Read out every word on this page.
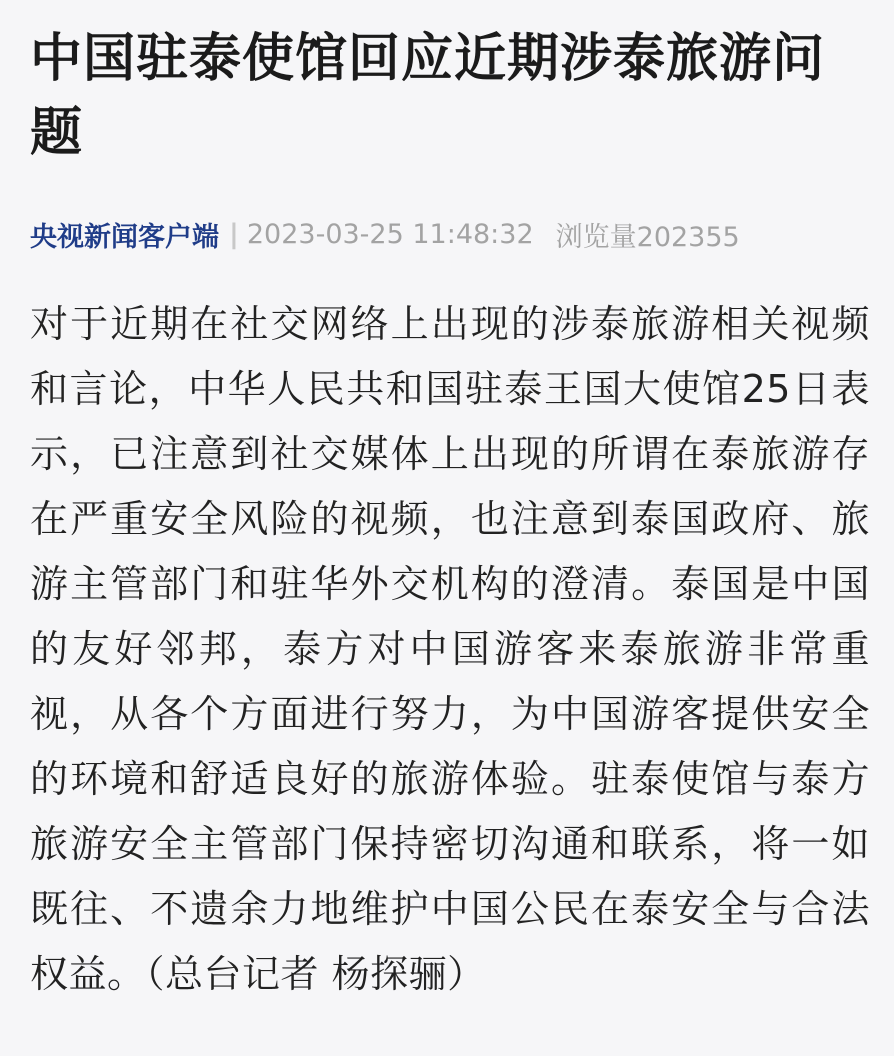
中国驻泰使馆回应近期涉泰旅游问题
央视新闻客户端 | 2023-03-25 11:48:32 浏览量202355

对于近期在社交网络上出现的涉泰旅游相关视频和言论，中华人民共和国驻泰王国大使馆25日表示，已注意到社交媒体上出现的所谓在泰旅游存在严重安全风险的视频，也注意到泰国政府、旅游主管部门和驻华外交机构的澄清。泰国是中国的友好邻邦，泰方对中国游客来泰旅游非常重视，从各个方面进行努力，为中国游客提供安全的环境和舒适良好的旅游体验。驻泰使馆与泰方旅游安全主管部门保持密切沟通和联系，将一如既往、不遗余力地维护中国公民在泰安全与合法权益。（总台记者 杨探骊）
